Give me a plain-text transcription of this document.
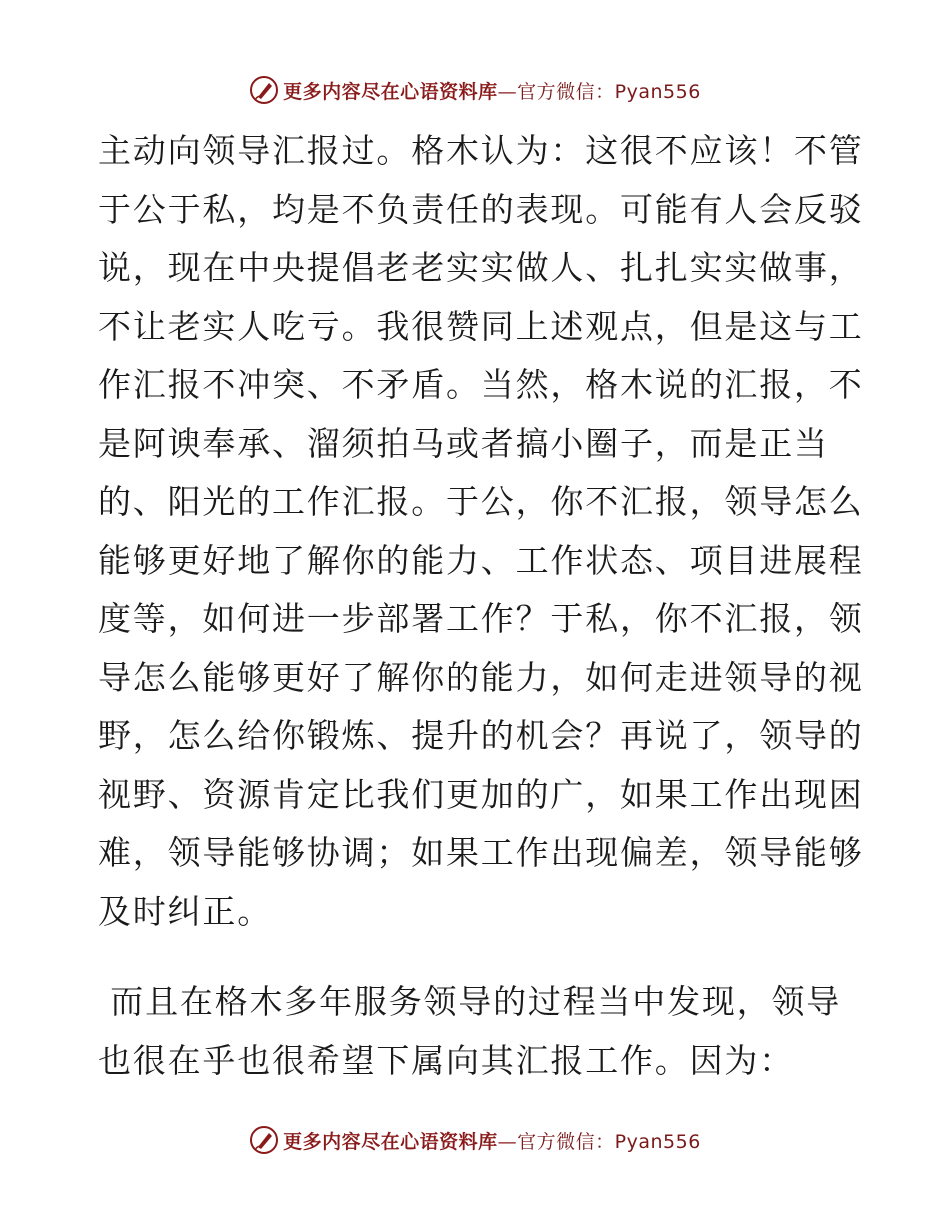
更多内容尽在心语资料库—官方微信：Pyan556
主动向领导汇报过。格木认为：这很不应该！不管
于公于私，均是不负责任的表现。可能有人会反驳
说，现在中央提倡老老实实做人、扎扎实实做事，
不让老实人吃亏。我很赞同上述观点，但是这与工
作汇报不冲突、不矛盾。当然，格木说的汇报，不
是阿谀奉承、溜须拍马或者搞小圈子，而是正当
的、阳光的工作汇报。于公，你不汇报，领导怎么
能够更好地了解你的能力、工作状态、项目进展程
度等，如何进一步部署工作？于私，你不汇报，领
导怎么能够更好了解你的能力，如何走进领导的视
野，怎么给你锻炼、提升的机会？再说了，领导的
视野、资源肯定比我们更加的广，如果工作出现困
难，领导能够协调；如果工作出现偏差，领导能够
及时纠正。
而且在格木多年服务领导的过程当中发现，领导
也很在乎也很希望下属向其汇报工作。因为：
更多内容尽在心语资料库—官方微信：Pyan556
